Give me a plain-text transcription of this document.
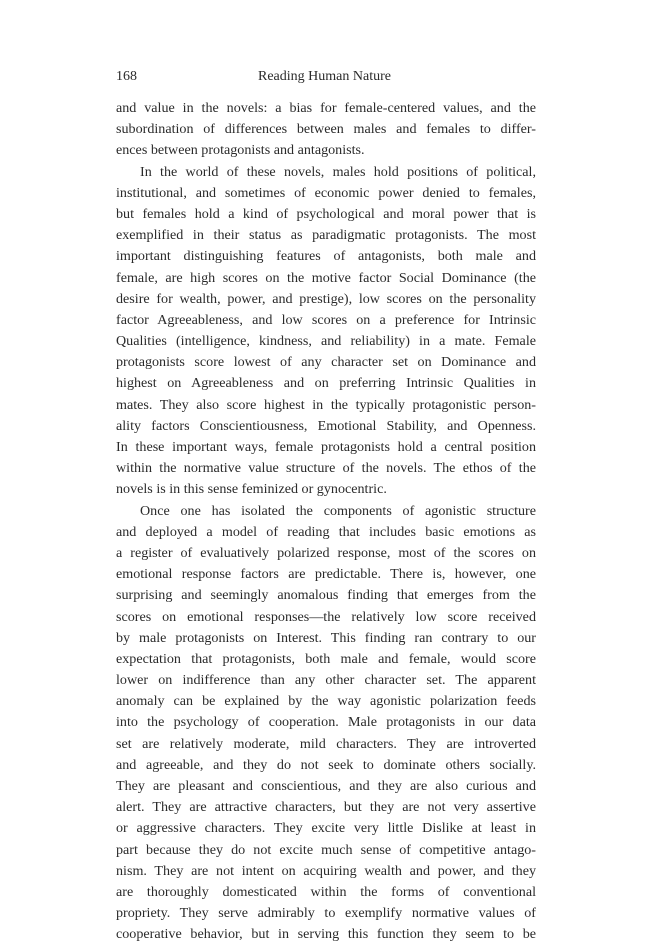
168	Reading Human Nature
and value in the novels: a bias for female-centered values, and the
subordination of differences between males and females to differ-
ences between protagonists and antagonists.
In the world of these novels, males hold positions of political,
institutional, and sometimes of economic power denied to females,
but females hold a kind of psychological and moral power that is
exemplified in their status as paradigmatic protagonists. The most
important distinguishing features of antagonists, both male and
female, are high scores on the motive factor Social Dominance (the
desire for wealth, power, and prestige), low scores on the personality
factor Agreeableness, and low scores on a preference for Intrinsic
Qualities (intelligence, kindness, and reliability) in a mate. Female
protagonists score lowest of any character set on Dominance and
highest on Agreeableness and on preferring Intrinsic Qualities in
mates. They also score highest in the typically protagonistic person-
ality factors Conscientiousness, Emotional Stability, and Openness.
In these important ways, female protagonists hold a central position
within the normative value structure of the novels. The ethos of the
novels is in this sense feminized or gynocentric.
Once one has isolated the components of agonistic structure
and deployed a model of reading that includes basic emotions as
a register of evaluatively polarized response, most of the scores on
emotional response factors are predictable. There is, however, one
surprising and seemingly anomalous finding that emerges from the
scores on emotional responses—the relatively low score received
by male protagonists on Interest. This finding ran contrary to our
expectation that protagonists, both male and female, would score
lower on indifference than any other character set. The apparent
anomaly can be explained by the way agonistic polarization feeds
into the psychology of cooperation. Male protagonists in our data
set are relatively moderate, mild characters. They are introverted
and agreeable, and they do not seek to dominate others socially.
They are pleasant and conscientious, and they are also curious and
alert. They are attractive characters, but they are not very assertive
or aggressive characters. They excite very little Dislike at least in
part because they do not excite much sense of competitive antago-
nism. They are not intent on acquiring wealth and power, and they
are thoroughly domesticated within the forms of conventional
propriety. They serve admirably to exemplify normative values of
cooperative behavior, but in serving this function they seem to be
